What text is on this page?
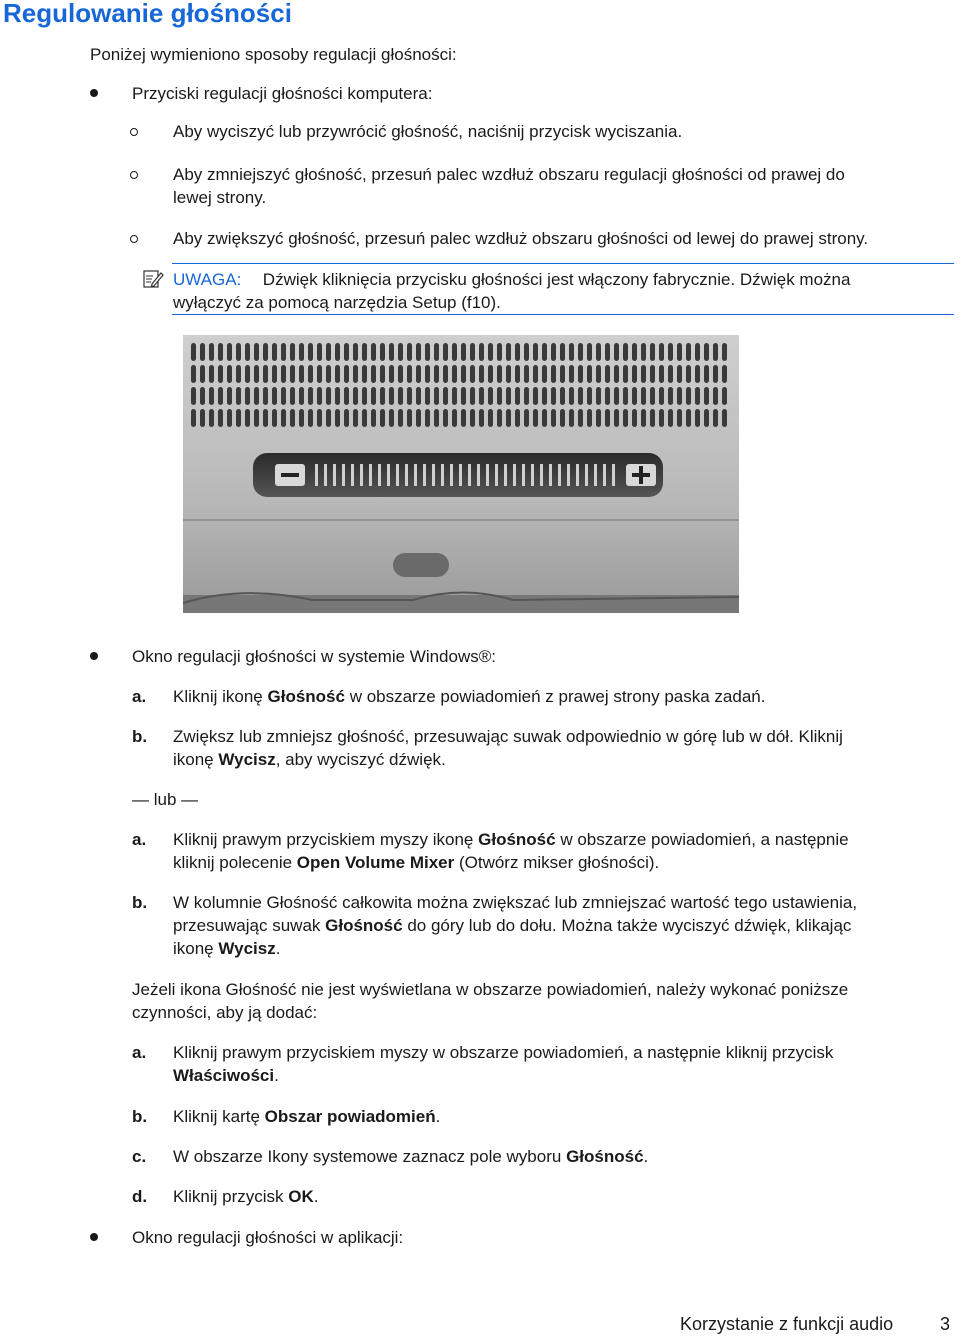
Regulowanie głośności
Poniżej wymieniono sposoby regulacji głośności:
Przyciski regulacji głośności komputera:
Aby wyciszyć lub przywrócić głośność, naciśnij przycisk wyciszania.
Aby zmniejszyć głośność, przesuń palec wzdłuż obszaru regulacji głośności od prawej do
lewej strony.
Aby zwiększyć głośność, przesuń palec wzdłuż obszaru głośności od lewej do prawej strony.
UWAGA: Dźwięk kliknięcia przycisku głośności jest włączony fabrycznie. Dźwięk można
wyłączyć za pomocą narzędzia Setup (f10).
Okno regulacji głośności w systemie Windows®:
a. Kliknij ikonę Głośność w obszarze powiadomień z prawej strony paska zadań.
b. Zwiększ lub zmniejsz głośność, przesuwając suwak odpowiednio w górę lub w dół. Kliknij
ikonę Wycisz, aby wyciszyć dźwięk.
— lub —
a. Kliknij prawym przyciskiem myszy ikonę Głośność w obszarze powiadomień, a następnie
kliknij polecenie Open Volume Mixer (Otwórz mikser głośności).
b. W kolumnie Głośność całkowita można zwiększać lub zmniejszać wartość tego ustawienia,
przesuwając suwak Głośność do góry lub do dołu. Można także wyciszyć dźwięk, klikając
ikonę Wycisz.
Jeżeli ikona Głośność nie jest wyświetlana w obszarze powiadomień, należy wykonać poniższe
czynności, aby ją dodać:
a. Kliknij prawym przyciskiem myszy w obszarze powiadomień, a następnie kliknij przycisk
Właściwości.
b. Kliknij kartę Obszar powiadomień.
c. W obszarze Ikony systemowe zaznacz pole wyboru Głośność.
d. Kliknij przycisk OK.
Okno regulacji głośności w aplikacji:
Korzystanie z funkcji audio	3
